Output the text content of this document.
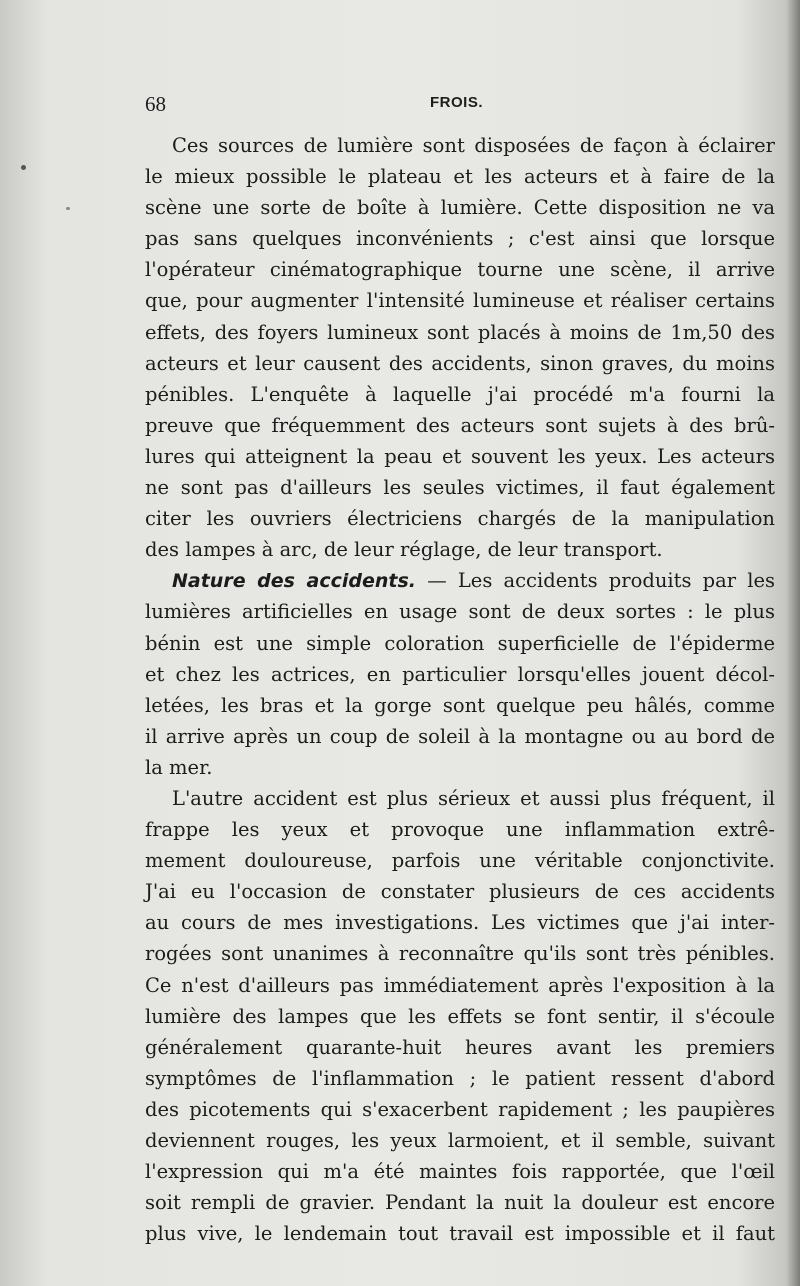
68	FROIS.
Ces sources de lumière sont disposées de façon à éclairer
le mieux possible le plateau et les acteurs et à faire de la
scène une sorte de boîte à lumière. Cette disposition ne va
pas sans quelques inconvénients ; c'est ainsi que lorsque
l'opérateur cinématographique tourne une scène, il arrive
que, pour augmenter l'intensité lumineuse et réaliser certains
effets, des foyers lumineux sont placés à moins de 1m,50 des
acteurs et leur causent des accidents, sinon graves, du moins
pénibles. L'enquête à laquelle j'ai procédé m'a fourni la
preuve que fréquemment des acteurs sont sujets à des brû-
lures qui atteignent la peau et souvent les yeux. Les acteurs
ne sont pas d'ailleurs les seules victimes, il faut également
citer les ouvriers électriciens chargés de la manipulation
des lampes à arc, de leur réglage, de leur transport.
Nature des accidents. — Les accidents produits par les
lumières artificielles en usage sont de deux sortes : le plus
bénin est une simple coloration superficielle de l'épiderme
et chez les actrices, en particulier lorsqu'elles jouent décol-
letées, les bras et la gorge sont quelque peu hâlés, comme
il arrive après un coup de soleil à la montagne ou au bord de
la mer.
L'autre accident est plus sérieux et aussi plus fréquent, il
frappe les yeux et provoque une inflammation extrê-
mement douloureuse, parfois une véritable conjonctivite.
J'ai eu l'occasion de constater plusieurs de ces accidents
au cours de mes investigations. Les victimes que j'ai inter-
rogées sont unanimes à reconnaître qu'ils sont très pénibles.
Ce n'est d'ailleurs pas immédiatement après l'exposition à la
lumière des lampes que les effets se font sentir, il s'écoule
généralement quarante-huit heures avant les premiers
symptômes de l'inflammation ; le patient ressent d'abord
des picotements qui s'exacerbent rapidement ; les paupières
deviennent rouges, les yeux larmoient, et il semble, suivant
l'expression qui m'a été maintes fois rapportée, que l'œil
soit rempli de gravier. Pendant la nuit la douleur est encore
plus vive, le lendemain tout travail est impossible et il faut
